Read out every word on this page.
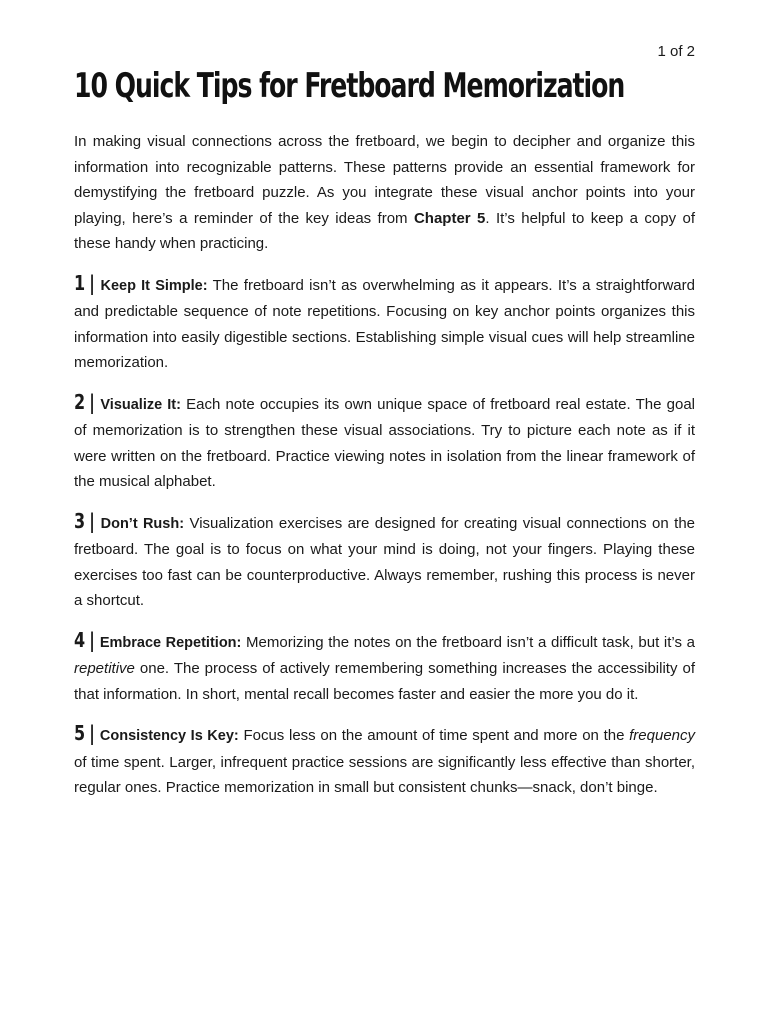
1 of 2
10 Quick Tips for Fretboard Memorization

In making visual connections across the fretboard, we begin to decipher and organize this information into recognizable patterns. These patterns provide an essential framework for demystifying the fretboard puzzle. As you integrate these visual anchor points into your playing, here’s a reminder of the key ideas from Chapter 5. It’s helpful to keep a copy of these handy when practicing.

1 | Keep It Simple: The fretboard isn’t as overwhelming as it appears. It’s a straightforward and predictable sequence of note repetitions. Focusing on key anchor points organizes this information into easily digestible sections. Establishing simple visual cues will help streamline memorization.

2 | Visualize It: Each note occupies its own unique space of fretboard real estate. The goal of memorization is to strengthen these visual associations. Try to picture each note as if it were written on the fretboard. Practice viewing notes in isolation from the linear framework of the musical alphabet.

3 | Don’t Rush: Visualization exercises are designed for creating visual connections on the fretboard. The goal is to focus on what your mind is doing, not your fingers. Playing these exercises too fast can be counterproductive. Always remember, rushing this process is never a shortcut.

4 | Embrace Repetition: Memorizing the notes on the fretboard isn’t a difficult task, but it’s a repetitive one. The process of actively remembering something increases the accessibility of that information. In short, mental recall becomes faster and easier the more you do it.

5 | Consistency Is Key: Focus less on the amount of time spent and more on the frequency of time spent. Larger, infrequent practice sessions are significantly less effective than shorter, regular ones. Practice memorization in small but consistent chunks—snack, don’t binge.
